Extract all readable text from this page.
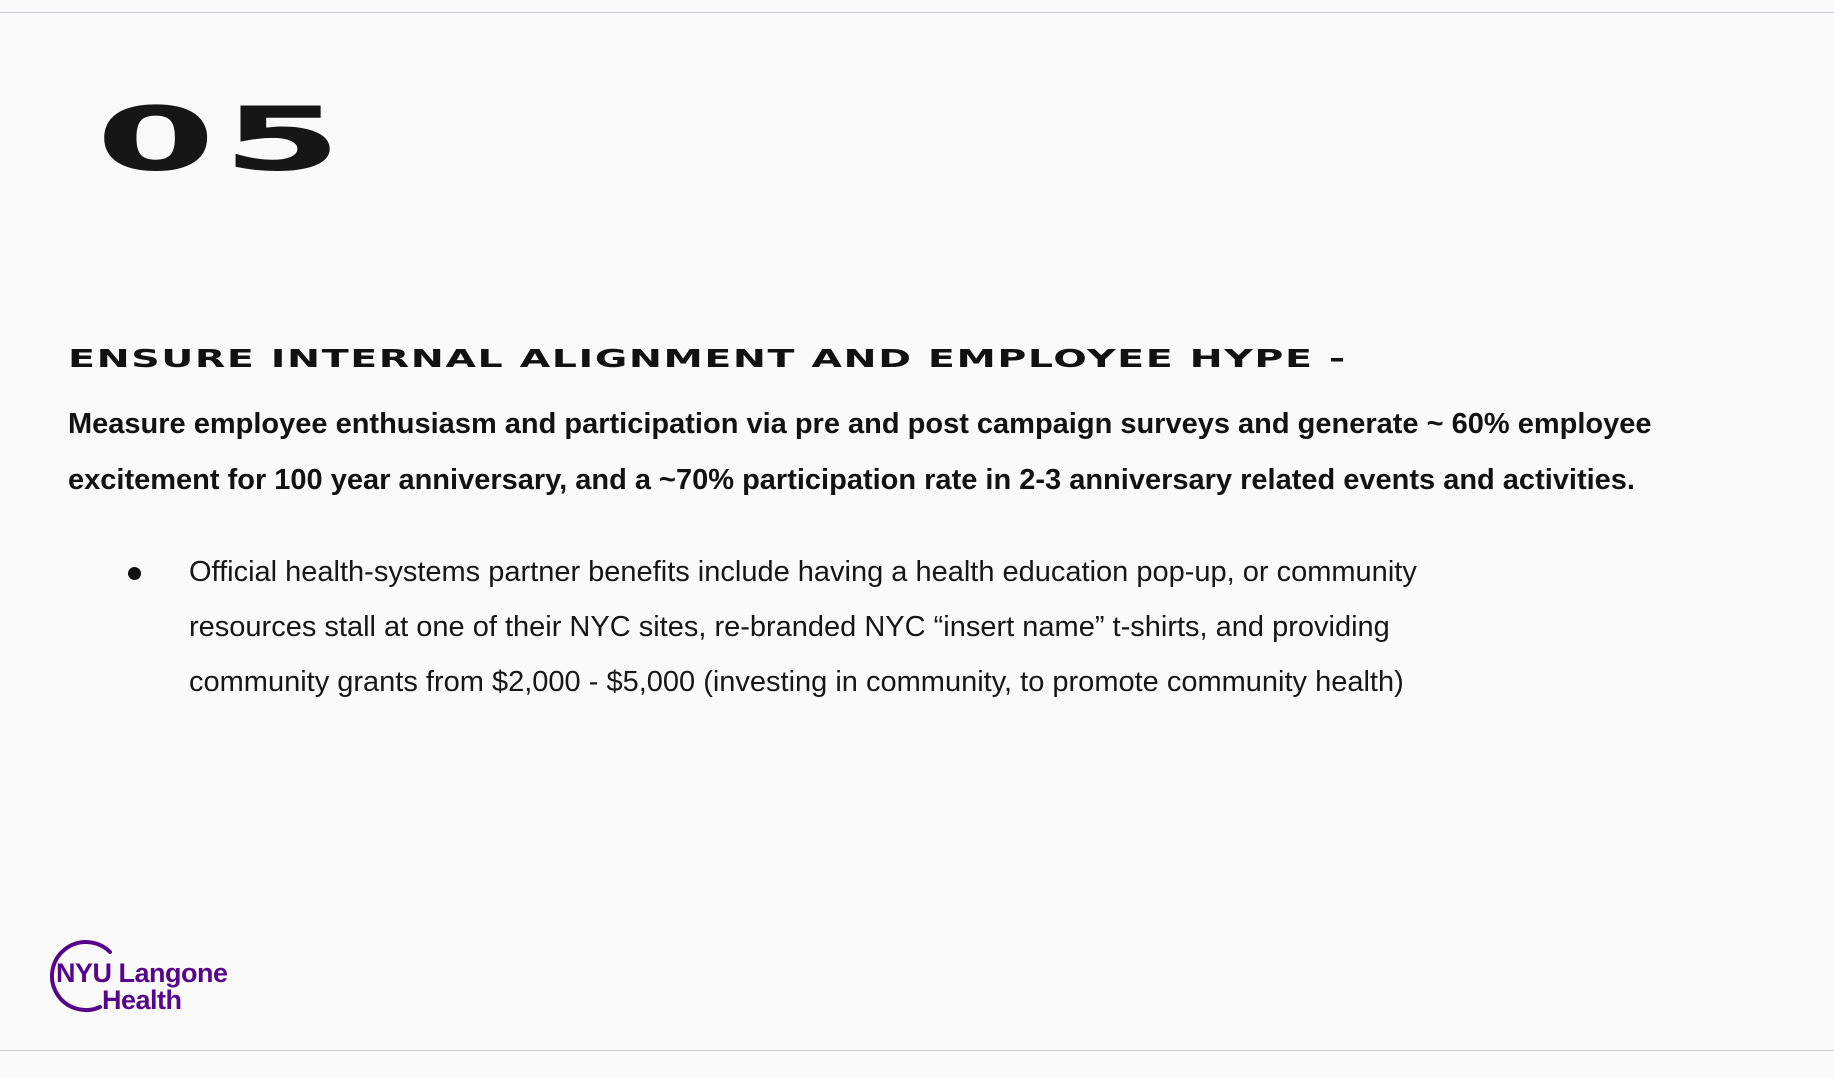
05
ENSURE INTERNAL ALIGNMENT AND EMPLOYEE HYPE -
Measure employee enthusiasm and participation via pre and post campaign surveys and generate ~ 60% employee
excitement for 100 year anniversary, and a ~70% participation rate in 2-3 anniversary related events and activities.
Official health-systems partner benefits include having a health education pop-up, or community
resources stall at one of their NYC sites, re-branded NYC “insert name” t-shirts, and providing
community grants from $2,000 - $5,000 (investing in community, to promote community health)
NYU Langone
Health
